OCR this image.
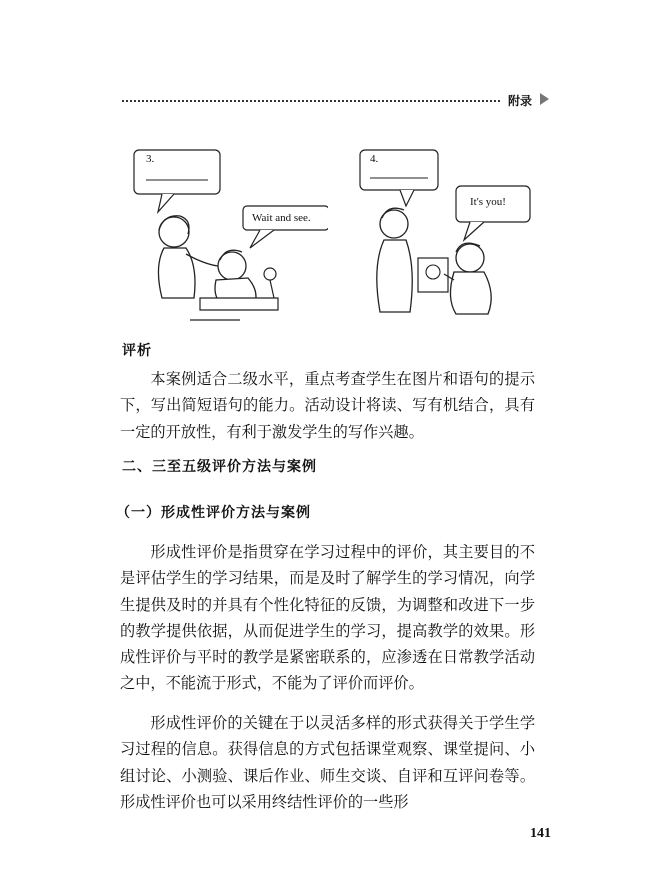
附录
3.
Wait and see.
4.
It's you!
评析

本案例适合二级水平，重点考查学生在图片和语句的提示下，写出简短语句的能力。活动设计将读、写有机结合，具有一定的开放性，有利于激发学生的写作兴趣。

二、三至五级评价方法与案例
（一）形成性评价方法与案例

形成性评价是指贯穿在学习过程中的评价，其主要目的不是评估学生的学习结果，而是及时了解学生的学习情况，向学生提供及时的并具有个性化特征的反馈，为调整和改进下一步的教学提供依据，从而促进学生的学习，提高教学的效果。形成性评价与平时的教学是紧密联系的，应渗透在日常教学活动之中，不能流于形式，不能为了评价而评价。

形成性评价的关键在于以灵活多样的形式获得关于学生学习过程的信息。获得信息的方式包括课堂观察、课堂提问、小组讨论、小测验、课后作业、师生交谈、自评和互评问卷等。形成性评价也可以采用终结性评价的一些形

141
